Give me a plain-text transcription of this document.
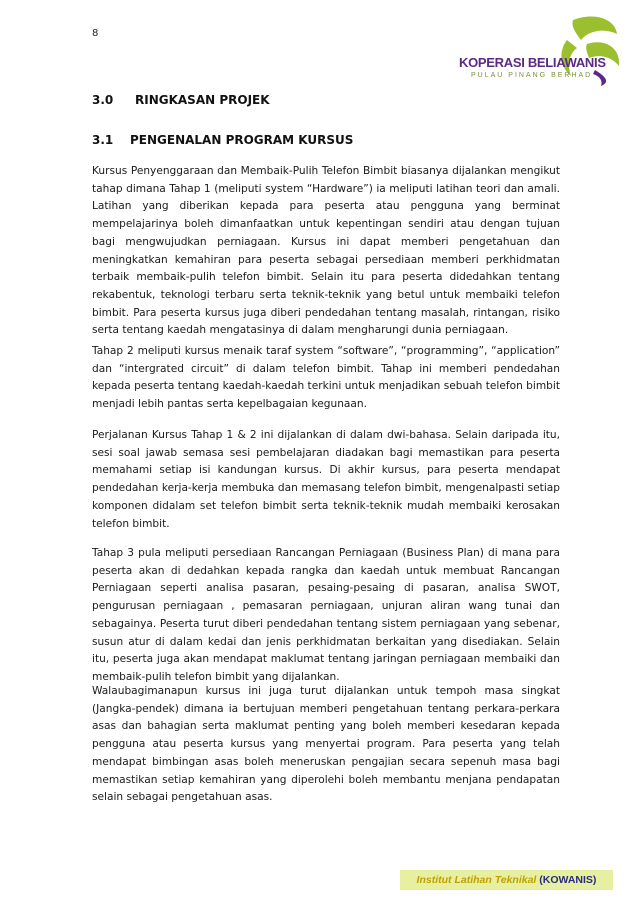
8
KOPERASI BELIAWANIS
PULAU PINANG BERHAD
3.0 RINGKASAN PROJEK
3.1 PENGENALAN PROGRAM KURSUS

Kursus Penyenggaraan dan Membaik-Pulih Telefon Bimbit biasanya dijalankan mengikut tahap dimana Tahap 1 (meliputi system “Hardware”) ia meliputi latihan teori dan amali. Latihan yang diberikan kepada para peserta atau pengguna yang berminat mempelajarinya boleh dimanfaatkan untuk kepentingan sendiri atau dengan tujuan bagi mengwujudkan perniagaan. Kursus ini dapat memberi pengetahuan dan meningkatkan kemahiran para peserta sebagai persediaan memberi perkhidmatan terbaik membaik-pulih telefon bimbit. Selain itu para peserta didedahkan tentang rekabentuk, teknologi terbaru serta teknik-teknik yang betul untuk membaiki telefon bimbit. Para peserta kursus juga diberi pendedahan tentang masalah, rintangan, risiko serta tentang kaedah mengatasinya di dalam mengharungi dunia perniagaan.

Tahap 2 meliputi kursus menaik taraf system “software”, “programming”, “application” dan “intergrated circuit” di dalam telefon bimbit. Tahap ini memberi pendedahan kepada peserta tentang kaedah-kaedah terkini untuk menjadikan sebuah telefon bimbit menjadi lebih pantas serta kepelbagaian kegunaan.

Perjalanan Kursus Tahap 1 & 2 ini dijalankan di dalam dwi-bahasa. Selain daripada itu, sesi soal jawab semasa sesi pembelajaran diadakan bagi memastikan para peserta memahami setiap isi kandungan kursus. Di akhir kursus, para peserta mendapat pendedahan kerja-kerja membuka dan memasang telefon bimbit, mengenalpasti setiap komponen didalam set telefon bimbit serta teknik-teknik mudah membaiki kerosakan telefon bimbit.

Tahap 3 pula meliputi persediaan Rancangan Perniagaan (Business Plan) di mana para peserta akan di dedahkan kepada rangka dan kaedah untuk membuat Rancangan Perniagaan seperti analisa pasaran, pesaing-pesaing di pasaran, analisa SWOT, pengurusan perniagaan , pemasaran perniagaan, unjuran aliran wang tunai dan sebagainya. Peserta turut diberi pendedahan tentang sistem perniagaan yang sebenar, susun atur di dalam kedai dan jenis perkhidmatan berkaitan yang disediakan. Selain itu, peserta juga akan mendapat maklumat tentang jaringan perniagaan membaiki dan membaik-pulih telefon bimbit yang dijalankan.

Walaubagimanapun kursus ini juga turut dijalankan untuk tempoh masa singkat (Jangka-pendek) dimana ia bertujuan memberi pengetahuan tentang perkara-perkara asas dan bahagian serta maklumat penting yang boleh memberi kesedaran kepada pengguna atau peserta kursus yang menyertai program. Para peserta yang telah mendapat bimbingan asas boleh meneruskan pengajian secara sepenuh masa bagi memastikan setiap kemahiran yang diperolehi boleh membantu menjana pendapatan selain sebagai pengetahuan asas.

Institut Latihan Teknikal (KOWANIS)
